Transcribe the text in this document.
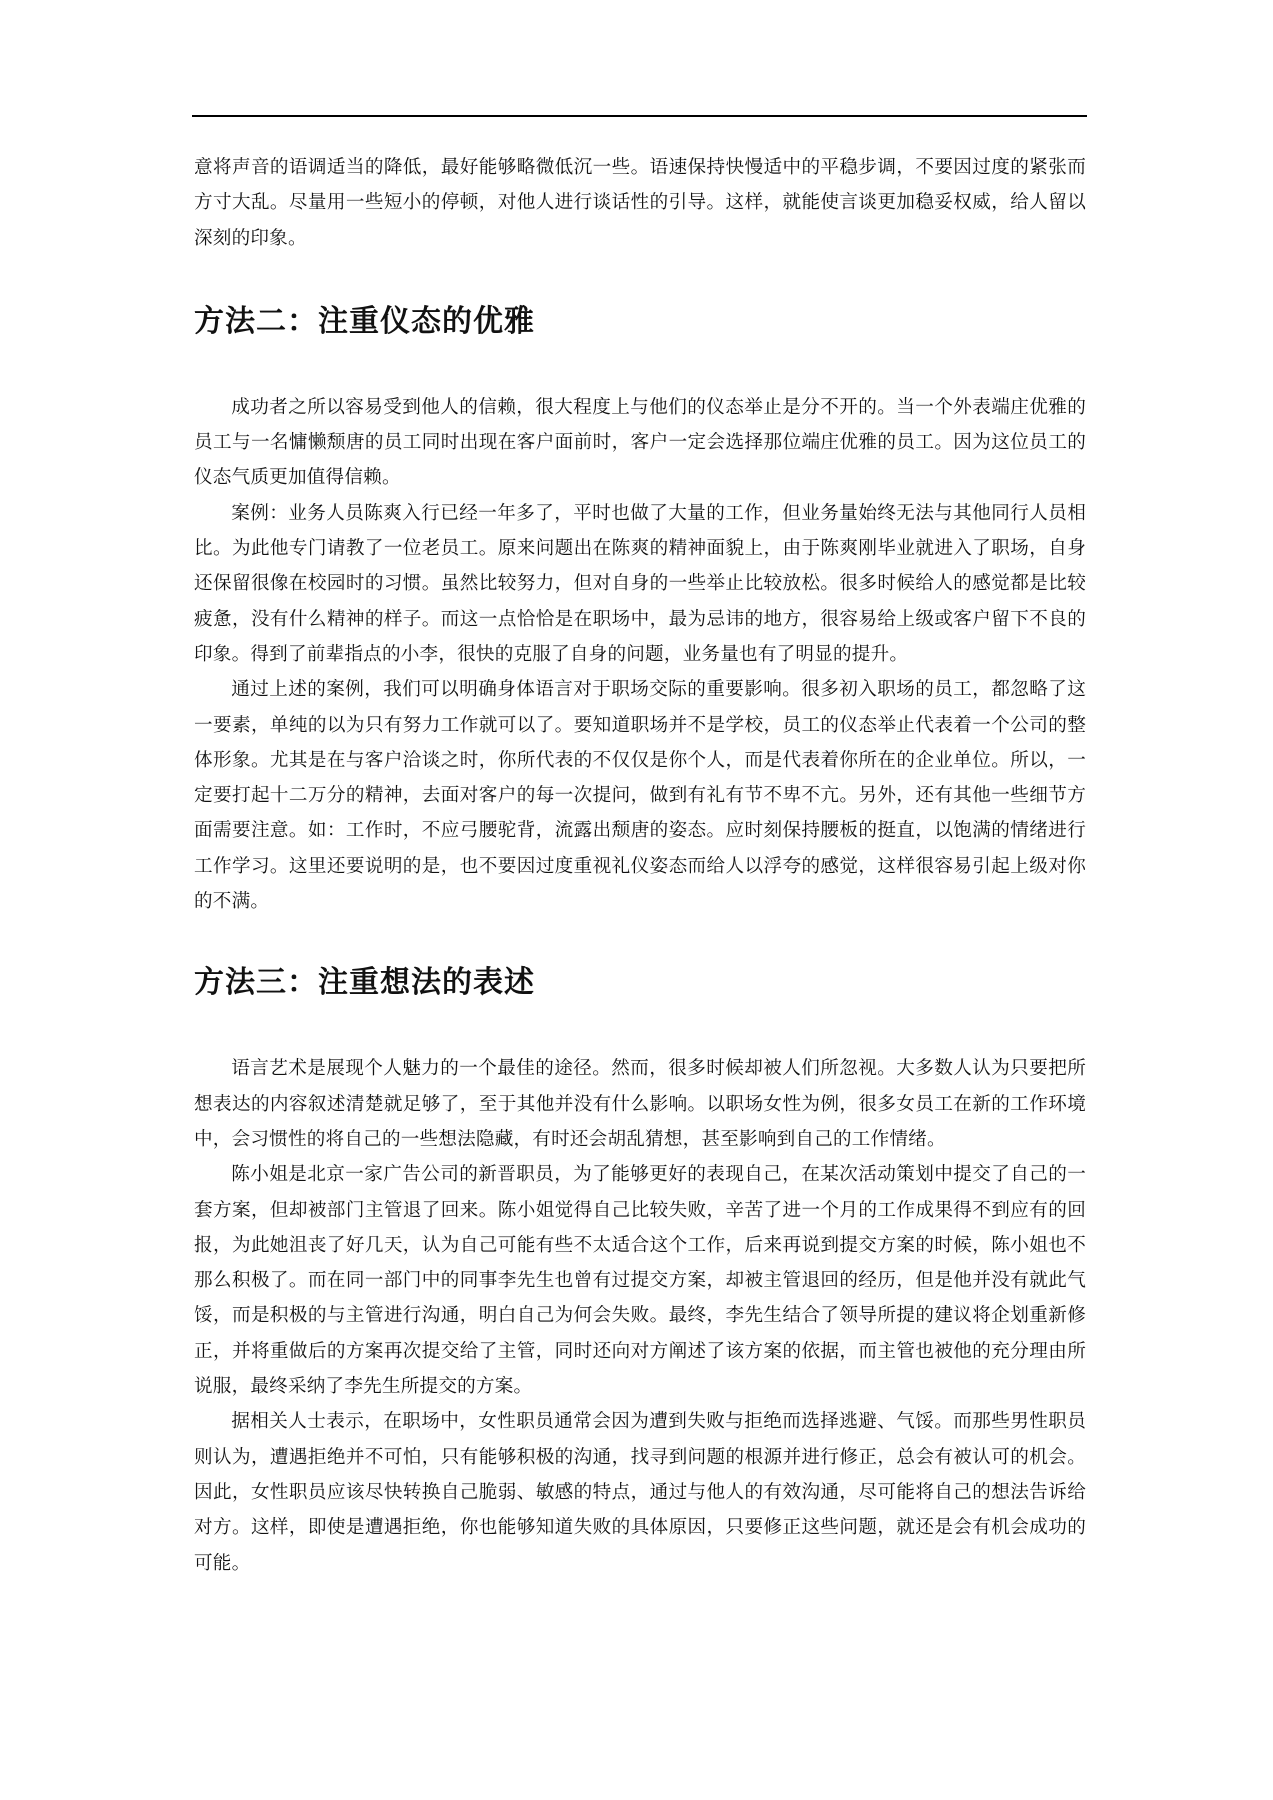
意将声音的语调适当的降低，最好能够略微低沉一些。语速保持快慢适中的平稳步调，不要因过度的紧张而方寸大乱。尽量用一些短小的停顿，对他人进行谈话性的引导。这样，就能使言谈更加稳妥权威，给人留以深刻的印象。

方法二：注重仪态的优雅

成功者之所以容易受到他人的信赖，很大程度上与他们的仪态举止是分不开的。当一个外表端庄优雅的员工与一名慵懒颓唐的员工同时出现在客户面前时，客户一定会选择那位端庄优雅的员工。因为这位员工的仪态气质更加值得信赖。

案例：业务人员陈爽入行已经一年多了，平时也做了大量的工作，但业务量始终无法与其他同行人员相比。为此他专门请教了一位老员工。原来问题出在陈爽的精神面貌上，由于陈爽刚毕业就进入了职场，自身还保留很像在校园时的习惯。虽然比较努力，但对自身的一些举止比较放松。很多时候给人的感觉都是比较疲惫，没有什么精神的样子。而这一点恰恰是在职场中，最为忌讳的地方，很容易给上级或客户留下不良的印象。得到了前辈指点的小李，很快的克服了自身的问题，业务量也有了明显的提升。

通过上述的案例，我们可以明确身体语言对于职场交际的重要影响。很多初入职场的员工，都忽略了这一要素，单纯的以为只有努力工作就可以了。要知道职场并不是学校，员工的仪态举止代表着一个公司的整体形象。尤其是在与客户洽谈之时，你所代表的不仅仅是你个人，而是代表着你所在的企业单位。所以，一定要打起十二万分的精神，去面对客户的每一次提问，做到有礼有节不卑不亢。另外，还有其他一些细节方面需要注意。如：工作时，不应弓腰驼背，流露出颓唐的姿态。应时刻保持腰板的挺直，以饱满的情绪进行工作学习。这里还要说明的是，也不要因过度重视礼仪姿态而给人以浮夸的感觉，这样很容易引起上级对你的不满。

方法三：注重想法的表述

语言艺术是展现个人魅力的一个最佳的途径。然而，很多时候却被人们所忽视。大多数人认为只要把所想表达的内容叙述清楚就足够了，至于其他并没有什么影响。以职场女性为例，很多女员工在新的工作环境中，会习惯性的将自己的一些想法隐藏，有时还会胡乱猜想，甚至影响到自己的工作情绪。

陈小姐是北京一家广告公司的新晋职员，为了能够更好的表现自己，在某次活动策划中提交了自己的一套方案，但却被部门主管退了回来。陈小姐觉得自己比较失败，辛苦了进一个月的工作成果得不到应有的回报，为此她沮丧了好几天，认为自己可能有些不太适合这个工作，后来再说到提交方案的时候，陈小姐也不那么积极了。而在同一部门中的同事李先生也曾有过提交方案，却被主管退回的经历，但是他并没有就此气馁，而是积极的与主管进行沟通，明白自己为何会失败。最终，李先生结合了领导所提的建议将企划重新修正，并将重做后的方案再次提交给了主管，同时还向对方阐述了该方案的依据，而主管也被他的充分理由所说服，最终采纳了李先生所提交的方案。

据相关人士表示，在职场中，女性职员通常会因为遭到失败与拒绝而选择逃避、气馁。而那些男性职员则认为，遭遇拒绝并不可怕，只有能够积极的沟通，找寻到问题的根源并进行修正，总会有被认可的机会。因此，女性职员应该尽快转换自己脆弱、敏感的特点，通过与他人的有效沟通，尽可能将自己的想法告诉给对方。这样，即使是遭遇拒绝，你也能够知道失败的具体原因，只要修正这些问题，就还是会有机会成功的可能。
